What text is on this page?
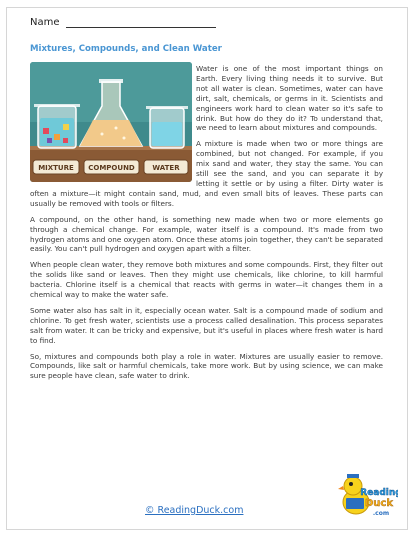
Name
Mixtures, Compounds, and Clean Water
MIXTURE COMPOUND	WATER

Water is one of the most important things on Earth. Every living thing needs it to survive. But not all water is clean. Sometimes, water can have dirt, salt, chemicals, or germs in it. Scientists and engineers work hard to clean water so it's safe to drink. But how do they do it? To understand that, we need to learn about mixtures and compounds.

A mixture is made when two or more things are combined, but not changed. For example, if you mix sand and water, they stay the same. You can still see the sand, and you can separate it by letting it settle or by using a filter. Dirty water is often a mixture—it might contain sand, mud, and even small bits of leaves. These parts can usually be removed with tools or filters.

A compound, on the other hand, is something new made when two or more elements go through a chemical change. For example, water itself is a compound. It's made from two hydrogen atoms and one oxygen atom. Once these atoms join together, they can't be separated easily. You can't pull hydrogen and oxygen apart with a filter.

When people clean water, they remove both mixtures and some compounds. First, they filter out the solids like sand or leaves. Then they might use chemicals, like chlorine, to kill harmful bacteria. Chlorine itself is a chemical that reacts with germs in water—it changes them in a chemical way to make the water safe.

Some water also has salt in it, especially ocean water. Salt is a compound made of sodium and chlorine. To get fresh water, scientists use a process called desalination. This process separates salt from water. It can be tricky and expensive, but it's useful in places where fresh water is hard to find.

So, mixtures and compounds both play a role in water. Mixtures are usually easier to remove. Compounds, like salt or harmful chemicals, take more work. But by using science, we can make sure people have clean, safe water to drink.

© ReadingDuck.com
Reading
Duck
.com
